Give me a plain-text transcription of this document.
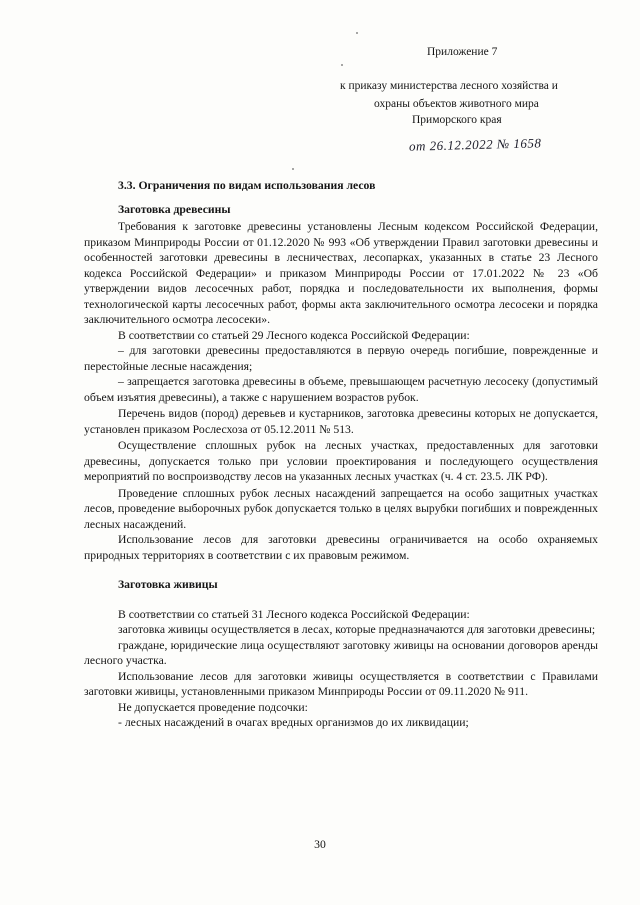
Приложение 7
к приказу министерства лесного хозяйства и
охраны объектов животного мира
Приморского края
от 26.12.2022 № 1658
3.3. Ограничения по видам использования лесов
Заготовка древесины

Требования к заготовке древесины установлены Лесным кодексом Российской Федерации, приказом Минприроды России от 01.12.2020 № 993 «Об утверждении Правил заготовки древесины и особенностей заготовки древесины в лесничествах, лесопарках, указанных в статье 23 Лесного кодекса Российской Федерации» и приказом Минприроды России от 17.01.2022 № 23 «Об утверждении видов лесосечных работ, порядка и последовательности их выполнения, формы технологической карты лесосечных работ, формы акта заключительного осмотра лесосеки и порядка заключительного осмотра лесосеки».

В соответствии со статьей 29 Лесного кодекса Российской Федерации:

– для заготовки древесины предоставляются в первую очередь погибшие, поврежденные и перестойные лесные насаждения;

– запрещается заготовка древесины в объеме, превышающем расчетную лесосеку (допустимый объем изъятия древесины), а также с нарушением возрастов рубок.

Перечень видов (пород) деревьев и кустарников, заготовка древесины которых не допускается, установлен приказом Рослесхоза от 05.12.2011 № 513.

Осуществление сплошных рубок на лесных участках, предоставленных для заготовки древесины, допускается только при условии проектирования и последующего осуществления мероприятий по воспроизводству лесов на указанных лесных участках (ч. 4 ст. 23.5. ЛК РФ).

Проведение сплошных рубок лесных насаждений запрещается на особо защитных участках лесов, проведение выборочных рубок допускается только в целях вырубки погибших и поврежденных лесных насаждений.

Использование лесов для заготовки древесины ограничивается на особо охраняемых природных территориях в соответствии с их правовым режимом.

Заготовка живицы

В соответствии со статьей 31 Лесного кодекса Российской Федерации:

заготовка живицы осуществляется в лесах, которые предназначаются для заготовки древесины;

граждане, юридические лица осуществляют заготовку живицы на основании договоров аренды лесного участка.

Использование лесов для заготовки живицы осуществляется в соответствии с Правилами заготовки живицы, установленными приказом Минприроды России от 09.11.2020 № 911.

Не допускается проведение подсочки:

- лесных насаждений в очагах вредных организмов до их ликвидации;

30
